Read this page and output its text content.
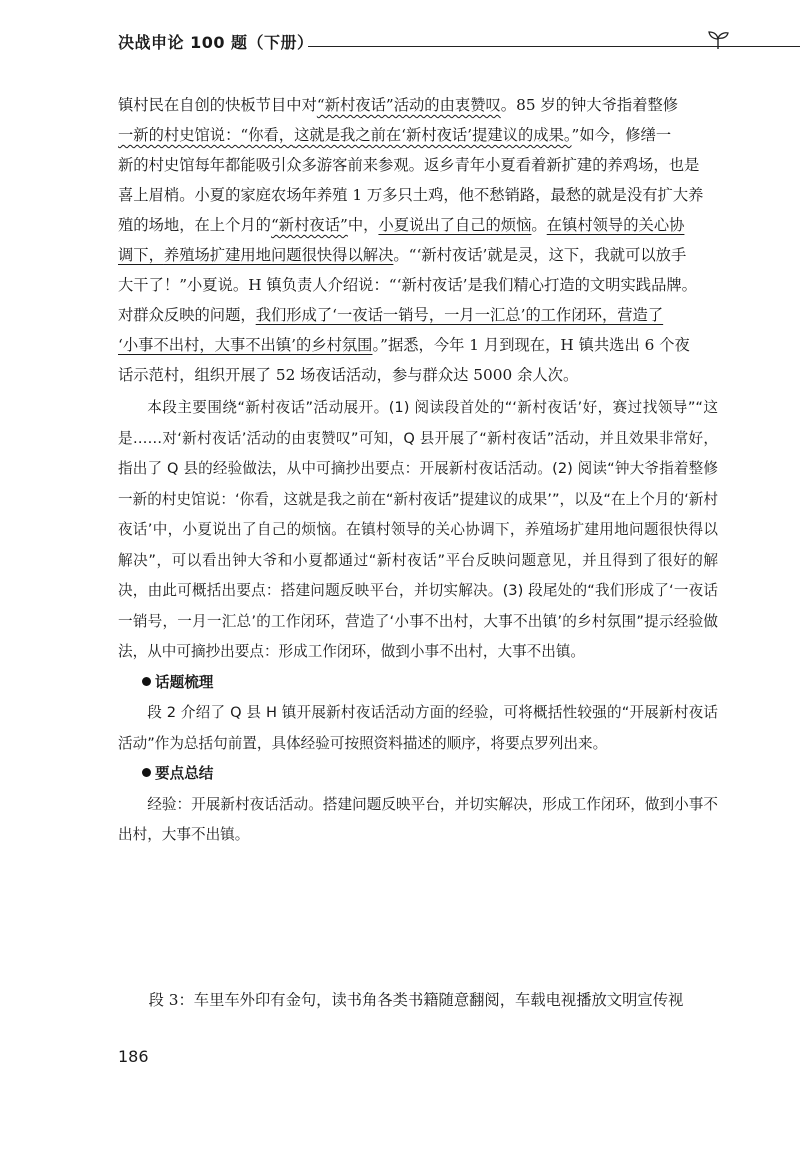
决战申论 100 题（下册）

镇村民在自创的快板节目中对“新村夜话”活动的由衷赞叹。85 岁的钟大爷指着整修

一新的村史馆说：“你看，这就是我之前在‘新村夜话’提建议的成果。”如今，修缮一

新的村史馆每年都能吸引众多游客前来参观。返乡青年小夏看着新扩建的养鸡场，也是

喜上眉梢。小夏的家庭农场年养殖 1 万多只土鸡，他不愁销路，最愁的就是没有扩大养

殖的场地，在上个月的“新村夜话”中，小夏说出了自己的烦恼。在镇村领导的关心协

调下，养殖场扩建用地问题很快得以解决。“‘新村夜话’就是灵，这下，我就可以放手

大干了！”小夏说。H 镇负责人介绍说：“‘新村夜话’是我们精心打造的文明实践品牌。

对群众反映的问题，我们形成了‘一夜话一销号，一月一汇总’的工作闭环，营造了

‘小事不出村，大事不出镇’的乡村氛围。”据悉，今年 1 月到现在，H 镇共选出 6 个夜

话示范村，组织开展了 52 场夜话活动，参与群众达 5000 余人次。

本段主要围绕“新村夜话”活动展开。(1) 阅读段首处的“‘新村夜话’好，赛过找领导”“这是……对‘新村夜话’活动的由衷赞叹”可知，Q 县开展了“新村夜话”活动，并且效果非常好，指出了 Q 县的经验做法，从中可摘抄出要点：开展新村夜话活动。(2) 阅读“钟大爷指着整修一新的村史馆说：‘你看，这就是我之前在“新村夜话”提建议的成果’”，以及“在上个月的‘新村夜话’中，小夏说出了自己的烦恼。在镇村领导的关心协调下，养殖场扩建用地问题很快得以解决”，可以看出钟大爷和小夏都通过“新村夜话”平台反映问题意见，并且得到了很好的解决，由此可概括出要点：搭建问题反映平台，并切实解决。(3) 段尾处的“我们形成了‘一夜话一销号，一月一汇总’的工作闭环，营造了‘小事不出村，大事不出镇’的乡村氛围”提示经验做法，从中可摘抄出要点：形成工作闭环，做到小事不出村，大事不出镇。

话题梳理

段 2 介绍了 Q 县 H 镇开展新村夜话活动方面的经验，可将概括性较强的“开展新村夜话活动”作为总括句前置，具体经验可按照资料描述的顺序，将要点罗列出来。

要点总结

经验：开展新村夜话活动。搭建问题反映平台，并切实解决，形成工作闭环，做到小事不出村，大事不出镇。

段 3：车里车外印有金句，读书角各类书籍随意翻阅，车载电视播放文明宣传视

186
